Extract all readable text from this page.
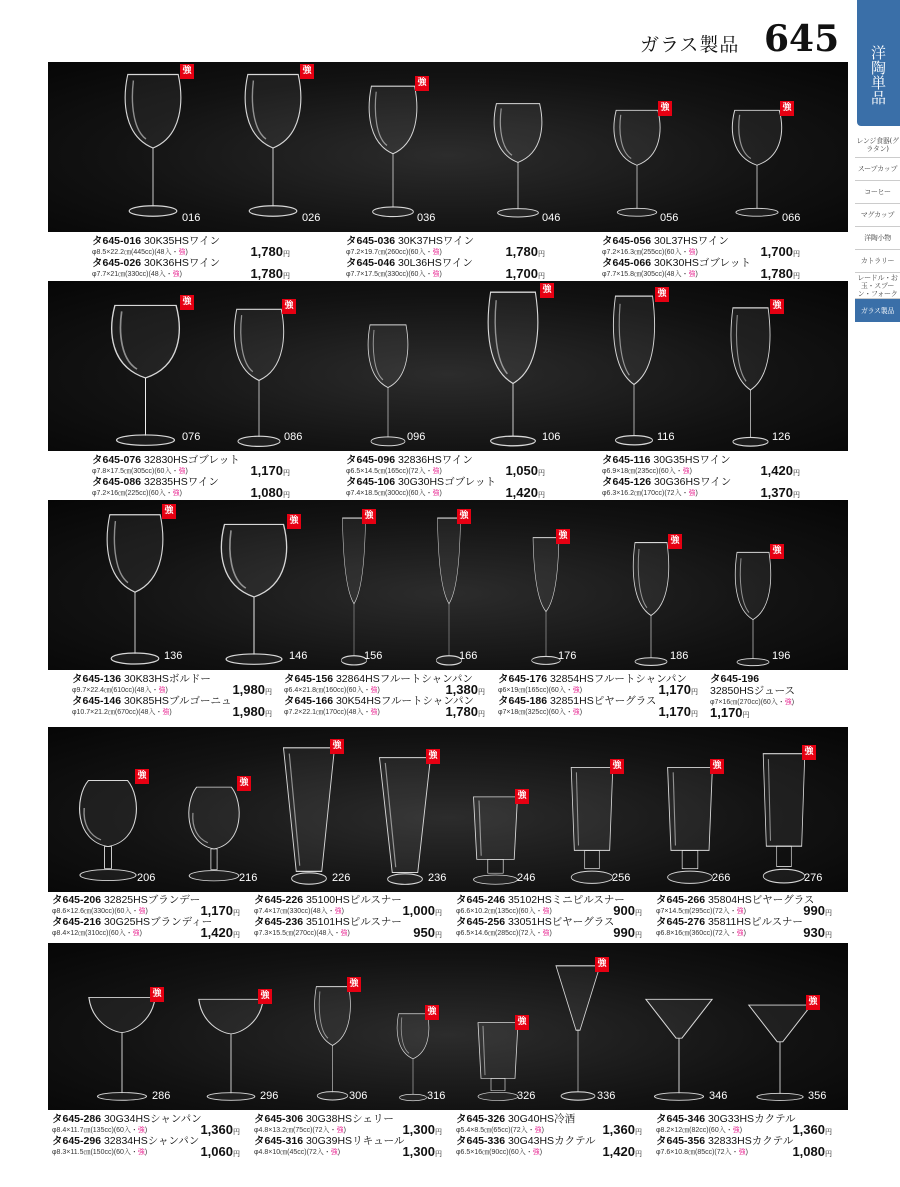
ガラス製品 645
洋陶単品
レンジ食器(グラタン)
スープカップ
コーヒー
マグカップ
洋陶小物
カトラリー
レードル・お玉・スプーン・フォーク
ガラス製品
016
強
026
強
036
強
046	056
強
066
強
1,780円
タ645-016 30K35HSワイン
φ8.5×22.2㎝(445cc)(48入・強)
1,780円
タ645-026 30K36HSワイン
φ7.7×21㎝(330cc)(48入・強)
1,780円
タ645-036 30K37HSワイン
φ7.2×19.7㎝(260cc)(60入・強)
1,700円
タ645-046 30L36HSワイン
φ7.7×17.5㎝(330cc)(60入・強)
1,700円
タ645-056 30L37HSワイン
φ7.2×16.3㎝(255cc)(60入・強)
1,780円
タ645-066 30K30HSゴブレット
φ7.7×15.8㎝(305cc)(48入・強)
076
強
086
強
096	106
強
116
強
126
強
1,170円
タ645-076 32830HSゴブレット
φ7.8×17.5㎝(305cc)(60入・強)
1,080円
タ645-086 32835HSワイン
φ7.2×16㎝(225cc)(60入・強)
1,050円
タ645-096 32836HSワイン
φ6.5×14.5㎝(165cc)(72入・強)
1,420円
タ645-106 30G30HSゴブレット
φ7.4×18.5㎝(300cc)(60入・強)
1,420円
タ645-116 30G35HSワイン
φ6.9×18㎝(235cc)(60入・強)
1,370円
タ645-126 30G36HSワイン
φ6.3×16.2㎝(170cc)(72入・強)
136
強
146
強
156
強
166
強
176
強
186
強
196
強
1,980円
タ645-136 30K83HSボルドー
φ9.7×22.4㎝(610cc)(48入・強)
1,980円
タ645-146 30K85HSブルゴーニュ
φ10.7×21.2㎝(670cc)(48入・強)
1,380円
タ645-156 32864HSフルートシャンパン
φ6.4×21.8㎝(160cc)(60入・強)
1,780円
タ645-166 30K54HSフルートシャンパン
φ7.2×22.1㎝(170cc)(48入・強)
1,170円
タ645-176 32854HSフルートシャンパン
φ6×19㎝(165cc)(60入・強)
1,170円
タ645-186 32851HSピヤーグラス
φ7×18㎝(325cc)(60入・強)
タ645-196
32850HSジュース
φ7×16㎝(270cc)(60入・強)
1,170円
206
強
216
強
226
強
236
強
246
強
256
強
266
強
276
強
1,170円
タ645-206 32825HSブランデー
φ8.6×12.6㎝(330cc)(60入・強)
1,420円
タ645-216 30G25HSブランディー
φ8.4×12㎝(310cc)(60入・強)
1,000円
タ645-226 35100HSピルスナー
φ7.4×17㎝(330cc)(48入・強)
950円
タ645-236 35101HSピルスナー
φ7.3×15.5㎝(270cc)(48入・強)
900円
タ645-246 35102HSミニピルスナー
φ6.6×10.2㎝(135cc)(60入・強)
990円
タ645-256 33051HSビヤーグラス
φ6.5×14.6㎝(285cc)(72入・強)
990円
タ645-266 35804HSビヤーグラス
φ7×14.5㎝(295cc)(72入・強)
930円
タ645-276 35811HSピルスナー
φ6.8×16㎝(360cc)(72入・強)
286
強
296
強
306
強
316
強
326
強
336
強
346	356
強
1,360円
タ645-286 30G34HSシャンパン
φ8.4×11.7㎝(135cc)(60入・強)
1,060円
タ645-296 32834HSシャンパン
φ8.3×11.5㎝(150cc)(60入・強)
1,300円
タ645-306 30G38HSシェリー
φ4.8×13.2㎝(75cc)(72入・強)
1,300円
タ645-316 30G39HSリキュール
φ4.8×10㎝(45cc)(72入・強)
1,360円
タ645-326 30G40HS冷酒
φ5.4×8.5㎝(65cc)(72入・強)
1,420円
タ645-336 30G43HSカクテル
φ6.5×16㎝(90cc)(60入・強)
1,360円
タ645-346 30G33HSカクテル
φ8.2×12㎝(82cc)(60入・強)
1,080円
タ645-356 32833HSカクテル
φ7.6×10.8㎝(85cc)(72入・強)
